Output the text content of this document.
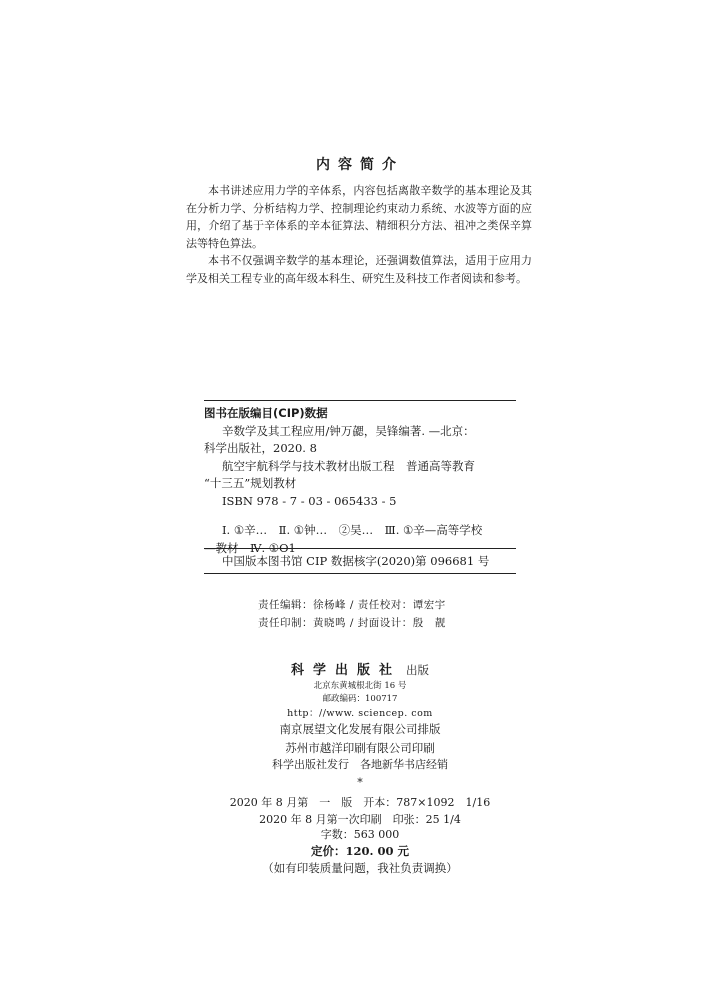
内容简介

本书讲述应用力学的辛体系，内容包括离散辛数学的基本理论及其在分析力学、分析结构力学、控制理论约束动力系统、水波等方面的应用，介绍了基于辛体系的辛本征算法、精细积分方法、祖冲之类保辛算法等特色算法。

本书不仅强调辛数学的基本理论，还强调数值算法，适用于应用力学及相关工程专业的高年级本科生、研究生及科技工作者阅读和参考。

图书在版编目(CIP)数据
辛数学及其工程应用/钟万勰，吴锋编著. —北京：
科学出版社，2020. 8
航空宇航科学与技术教材出版工程　普通高等教育
“十三五”规划教材
ISBN 978 - 7 - 03 - 065433 - 5
Ⅰ. ①辛…　Ⅱ. ①钟…　②吴…　Ⅲ. ①辛—高等学校
—教材　Ⅳ. ①O1
中国版本图书馆 CIP 数据核字(2020)第 096681 号
责任编辑：徐杨峰 / 责任校对：谭宏宇
责任印制：黄晓鸣 / 封面设计：殷　靓
科学出版社 出版
北京东黄城根北街 16 号
邮政编码：100717
http：//www. sciencep. com
南京展望文化发展有限公司排版
苏州市越洋印刷有限公司印刷
科学出版社发行　各地新华书店经销
*
2020 年 8 月第　一　版　开本：787×1092　1/16
2020 年 8 月第一次印刷　印张：25 1/4
字数：563 000
定价：120. 00 元
（如有印装质量问题，我社负责调换）
